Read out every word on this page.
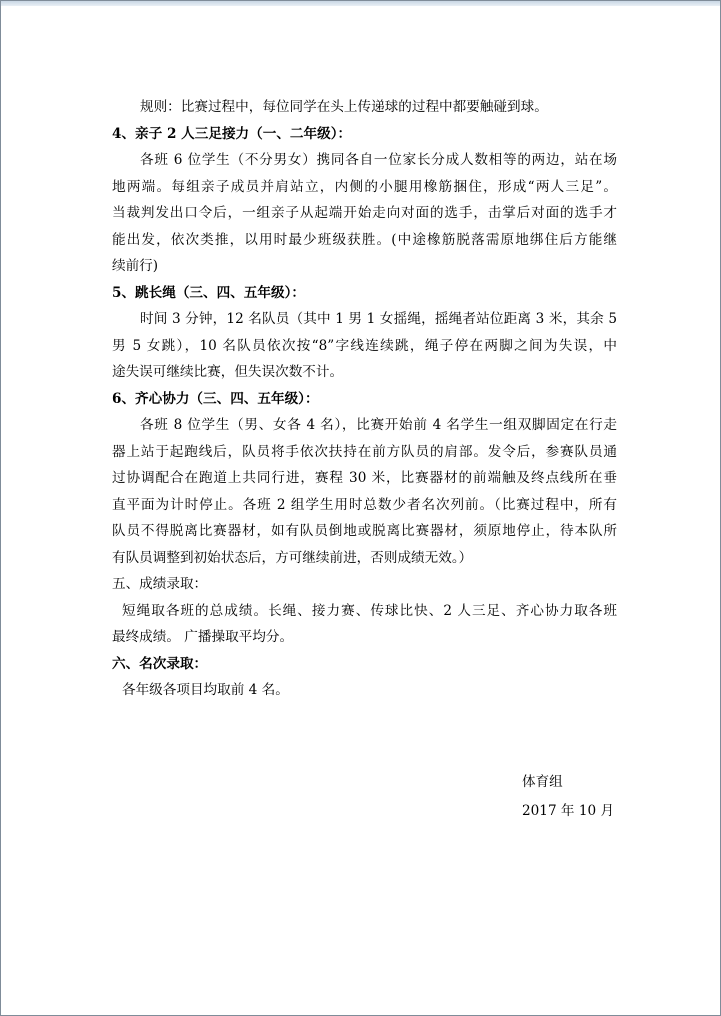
规则：比赛过程中，每位同学在头上传递球的过程中都要触碰到球。
4、亲子 2 人三足接力（一、二年级）：
各班 6 位学生（不分男女）携同各自一位家长分成人数相等的两边，站在场
地两端。每组亲子成员并肩站立，内侧的小腿用橡筋捆住，形成“两人三足”。
当裁判发出口令后，一组亲子从起端开始走向对面的选手，击掌后对面的选手才
能出发，依次类推，以用时最少班级获胜。(中途橡筋脱落需原地绑住后方能继
续前行)
5、跳长绳（三、四、五年级）：
时间 3 分钟，12 名队员（其中 1 男 1 女摇绳，摇绳者站位距离 3 米，其余 5
男 5 女跳），10 名队员依次按“8”字线连续跳，绳子停在两脚之间为失误，中
途失误可继续比赛，但失误次数不计。
6、齐心协力（三、四、五年级）：
各班 8 位学生（男、女各 4 名），比赛开始前 4 名学生一组双脚固定在行走
器上站于起跑线后，队员将手依次扶持在前方队员的肩部。发令后，参赛队员通
过协调配合在跑道上共同行进，赛程 30 米，比赛器材的前端触及终点线所在垂
直平面为计时停止。各班 2 组学生用时总数少者名次列前。（比赛过程中，所有
队员不得脱离比赛器材，如有队员倒地或脱离比赛器材，须原地停止，待本队所
有队员调整到初始状态后，方可继续前进，否则成绩无效。）
五、成绩录取：
短绳取各班的总成绩。长绳、接力赛、传球比快、2 人三足、齐心协力取各班
最终成绩。 广播操取平均分。
六、名次录取：
各年级各项目均取前 4 名。
体育组
2017 年 10 月
